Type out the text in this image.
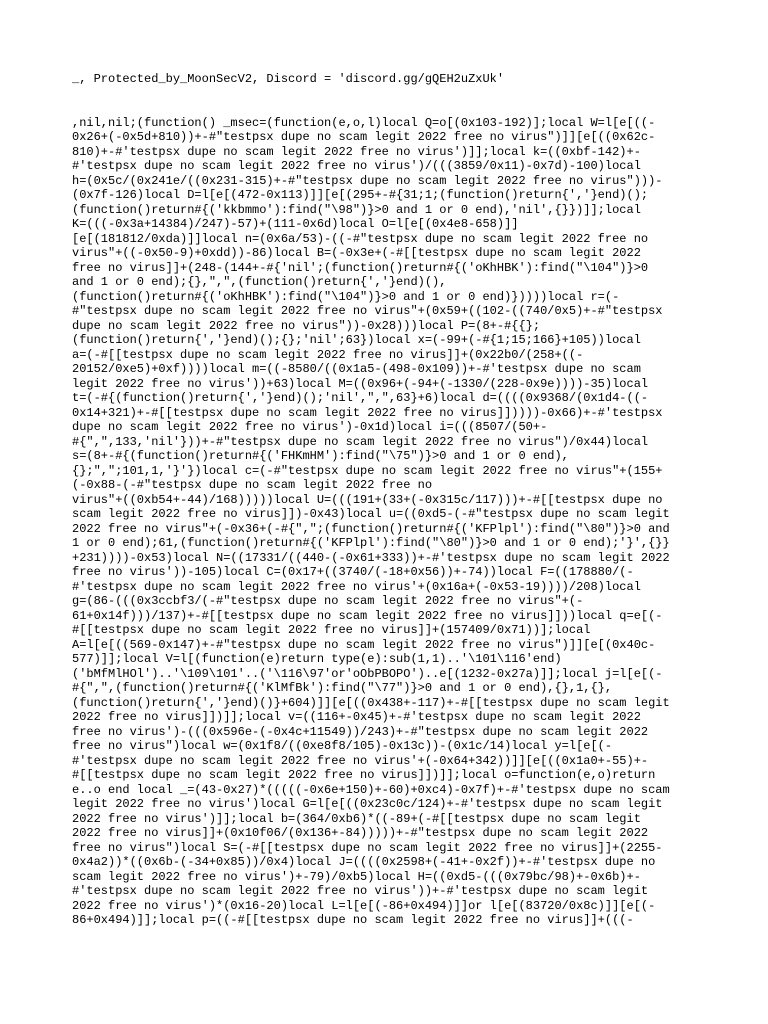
_, Protected_by_MoonSecV2, Discord = 'discord.gg/gQEH2uZxUk'
,nil,nil;(function() _msec=(function(e,o,l)local Q=o[(0x103-192)];local W=l[e[((-
0x26+(-0x5d+810))+-#"testpsx dupe no scam legit 2022 free no virus")]][e[((0x62c-
810)+-#'testpsx dupe no scam legit 2022 free no virus')]];local k=((0xbf-142)+-
#'testpsx dupe no scam legit 2022 free no virus')/(((3859/0x11)-0x7d)-100)local
h=(0x5c/(0x241e/((0x231-315)+-#"testpsx dupe no scam legit 2022 free no virus")))-
(0x7f-126)local D=l[e[(472-0x113)]][e[(295+-#{31;1;(function()return{','}end)();
(function()return#{('kkbmmo'):find("\98")}>0 and 1 or 0 end),'nil',{}})]];local
K=(((-0x3a+14384)/247)-57)+(111-0x6d)local O=l[e[(0x4e8-658)]]
[e[(181812/0xda)]]local n=(0x6a/53)-((-#"testpsx dupe no scam legit 2022 free no
virus"+((-0x50-9)+0xdd))-86)local B=(-0x3e+(-#[[testpsx dupe no scam legit 2022
free no virus]]+(248-(144+-#{'nil';(function()return#{('oKhHBK'):find("\104")}>0
and 1 or 0 end);{},",",(function()return{','}end)(),
(function()return#{('oKhHBK'):find("\104")}>0 and 1 or 0 end)}))))local r=(-
#"testpsx dupe no scam legit 2022 free no virus"+(0x59+((102-((740/0x5)+-#"testpsx
dupe no scam legit 2022 free no virus"))-0x28)))local P=(8+-#{{};
(function()return{','}end)();{};'nil';63})local x=(-99+(-#{1;15;166}+105))local
a=(-#[[testpsx dupe no scam legit 2022 free no virus]]+(0x22b0/(258+((-
20152/0xe5)+0xf))))local m=((-8580/((0x1a5-(498-0x109))+-#'testpsx dupe no scam
legit 2022 free no virus'))+63)local M=((0x96+(-94+(-1330/(228-0x9e))))-35)local
t=(-#{(function()return{','}end)();'nil',",",63}+6)local d=((((0x9368/(0x1d4-((-
0x14+321)+-#[[testpsx dupe no scam legit 2022 free no virus]]))))-0x66)+-#'testpsx
dupe no scam legit 2022 free no virus')-0x1d)local i=(((8507/(50+-
#{",",133,'nil'}))+-#"testpsx dupe no scam legit 2022 free no virus")/0x44)local
s=(8+-#{(function()return#{('FHKmHM'):find("\75")}>0 and 1 or 0 end),
{};",";101,1,'}'})local c=(-#"testpsx dupe no scam legit 2022 free no virus"+(155+
(-0x88-(-#"testpsx dupe no scam legit 2022 free no
virus"+((0xb54+-44)/168)))))local U=(((191+(33+(-0x315c/117)))+-#[[testpsx dupe no
scam legit 2022 free no virus]])-0x43)local u=((0xd5-(-#"testpsx dupe no scam legit
2022 free no virus"+(-0x36+(-#{",";(function()return#{('KFPlpl'):find("\80")}>0 and
1 or 0 end);61,(function()return#{('KFPlpl'):find("\80")}>0 and 1 or 0 end);'}',{}}
+231))))-0x53)local N=((17331/((440-(-0x61+333))+-#'testpsx dupe no scam legit 2022
free no virus'))-105)local C=(0x17+((3740/(-18+0x56))+-74))local F=((178880/(-
#'testpsx dupe no scam legit 2022 free no virus'+(0x16a+(-0x53-19))))/208)local
g=(86-(((0x3ccbf3/(-#"testpsx dupe no scam legit 2022 free no virus"+(-
61+0x14f)))/137)+-#[[testpsx dupe no scam legit 2022 free no virus]]))local q=e[(-
#[[testpsx dupe no scam legit 2022 free no virus]]+(157409/0x71))];local
A=l[e[((569-0x147)+-#"testpsx dupe no scam legit 2022 free no virus")]][e[(0x40c-
577)]];local V=l[(function(e)return type(e):sub(1,1)..'\101\116'end)
('bMfMlHOl')..'\109\101'..('\116\97'or'oObPBOPO')..e[(1232-0x27a)]];local j=l[e[(-
#{",",(function()return#{('KlMfBk'):find("\77")}>0 and 1 or 0 end),{},1,{},
(function()return{','}end)()}+604)]][e[((0x438+-117)+-#[[testpsx dupe no scam legit
2022 free no virus]])]];local v=((116+-0x45)+-#'testpsx dupe no scam legit 2022
free no virus')-(((0x596e-(-0x4c+11549))/243)+-#"testpsx dupe no scam legit 2022
free no virus")local w=(0x1f8/((0xe8f8/105)-0x13c))-(0x1c/14)local y=l[e[(-
#'testpsx dupe no scam legit 2022 free no virus'+(-0x64+342))]][e[((0x1a0+-55)+-
#[[testpsx dupe no scam legit 2022 free no virus]])]];local o=function(e,o)return
e..o end local _=(43-0x27)*(((((-0x6e+150)+-60)+0xc4)-0x7f)+-#'testpsx dupe no scam
legit 2022 free no virus')local G=l[e[((0x23c0c/124)+-#'testpsx dupe no scam legit
2022 free no virus')]];local b=(364/0xb6)*((-89+(-#[[testpsx dupe no scam legit
2022 free no virus]]+(0x10f06/(0x136+-84)))))+-#"testpsx dupe no scam legit 2022
free no virus")local S=(-#[[testpsx dupe no scam legit 2022 free no virus]]+(2255-
0x4a2))*((0x6b-(-34+0x85))/0x4)local J=((((0x2598+(-41+-0x2f))+-#'testpsx dupe no
scam legit 2022 free no virus')+-79)/0xb5)local H=((0xd5-(((0x79bc/98)+-0x6b)+-
#'testpsx dupe no scam legit 2022 free no virus'))+-#'testpsx dupe no scam legit
2022 free no virus')*(0x16-20)local L=l[e[(-86+0x494)]]or l[e[(83720/0x8c)]][e[(-
86+0x494)]];local p=((-#[[testpsx dupe no scam legit 2022 free no virus]]+(((-
